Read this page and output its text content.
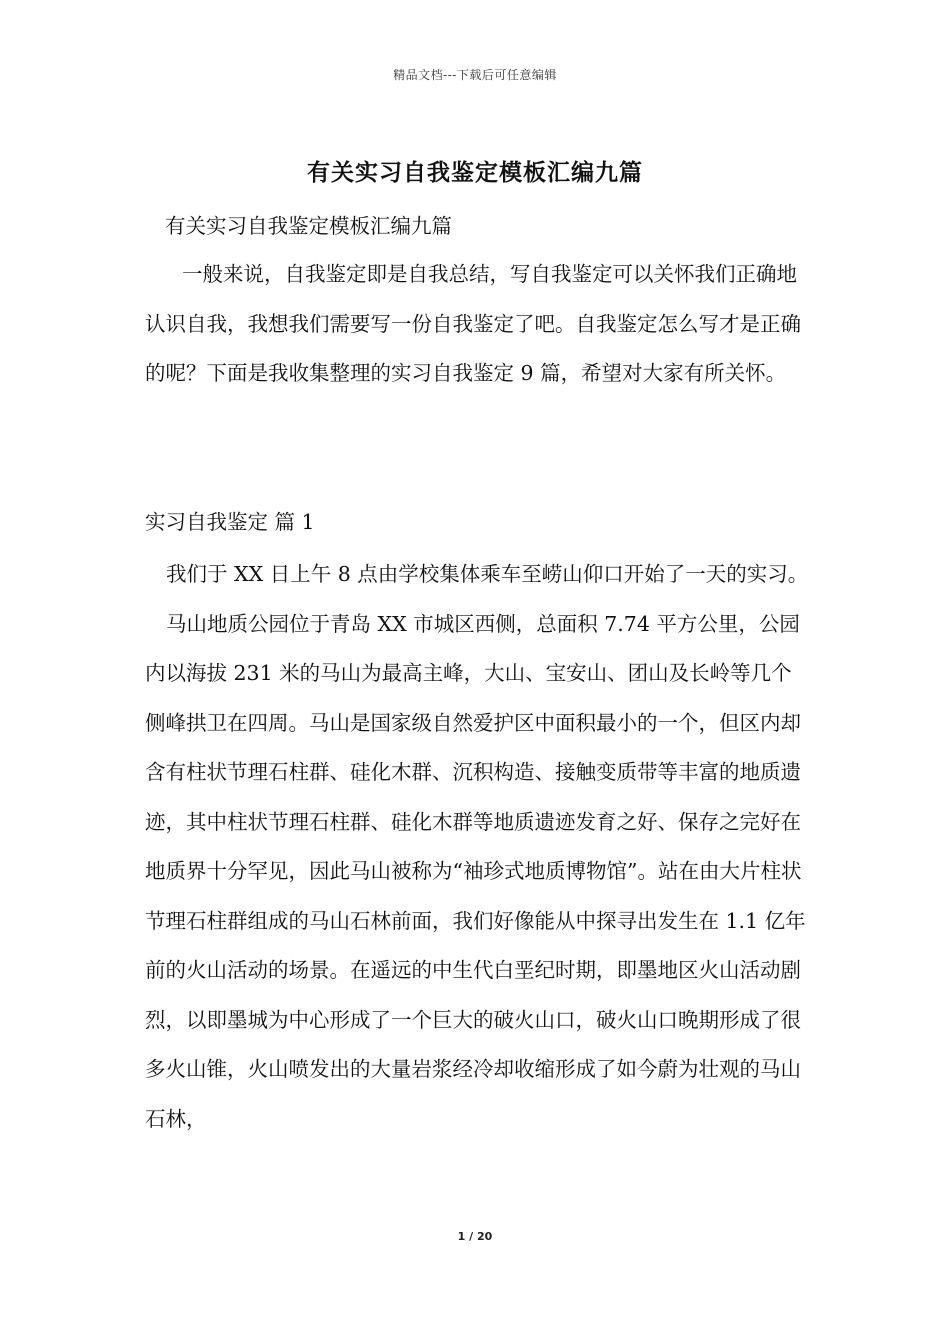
精品文档---下载后可任意编辑
有关实习自我鉴定模板汇编九篇
有关实习自我鉴定模板汇编九篇

一般来说，自我鉴定即是自我总结，写自我鉴定可以关怀我们正确地认识自我，我想我们需要写一份自我鉴定了吧。自我鉴定怎么写才是正确的呢？下面是我收集整理的实习自我鉴定 9 篇，希望对大家有所关怀。

实习自我鉴定 篇 1

我们于 XX 日上午 8 点由学校集体乘车至崂山仰口开始了一天的实习。

马山地质公园位于青岛 XX 市城区西侧，总面积 7.74 平方公里，公园内以海拔 231 米的马山为最高主峰，大山、宝安山、团山及长岭等几个侧峰拱卫在四周。马山是国家级自然爱护区中面积最小的一个，但区内却含有柱状节理石柱群、硅化木群、沉积构造、接触变质带等丰富的地质遗迹，其中柱状节理石柱群、硅化木群等地质遗迹发育之好、保存之完好在地质界十分罕见，因此马山被称为“袖珍式地质博物馆”。站在由大片柱状节理石柱群组成的马山石林前面，我们好像能从中探寻出发生在 1.1 亿年前的火山活动的场景。在遥远的中生代白垩纪时期，即墨地区火山活动剧烈，以即墨城为中心形成了一个巨大的破火山口，破火山口晚期形成了很多火山锥，火山喷发出的大量岩浆经冷却收缩形成了如今蔚为壮观的马山石林，

1 / 20
